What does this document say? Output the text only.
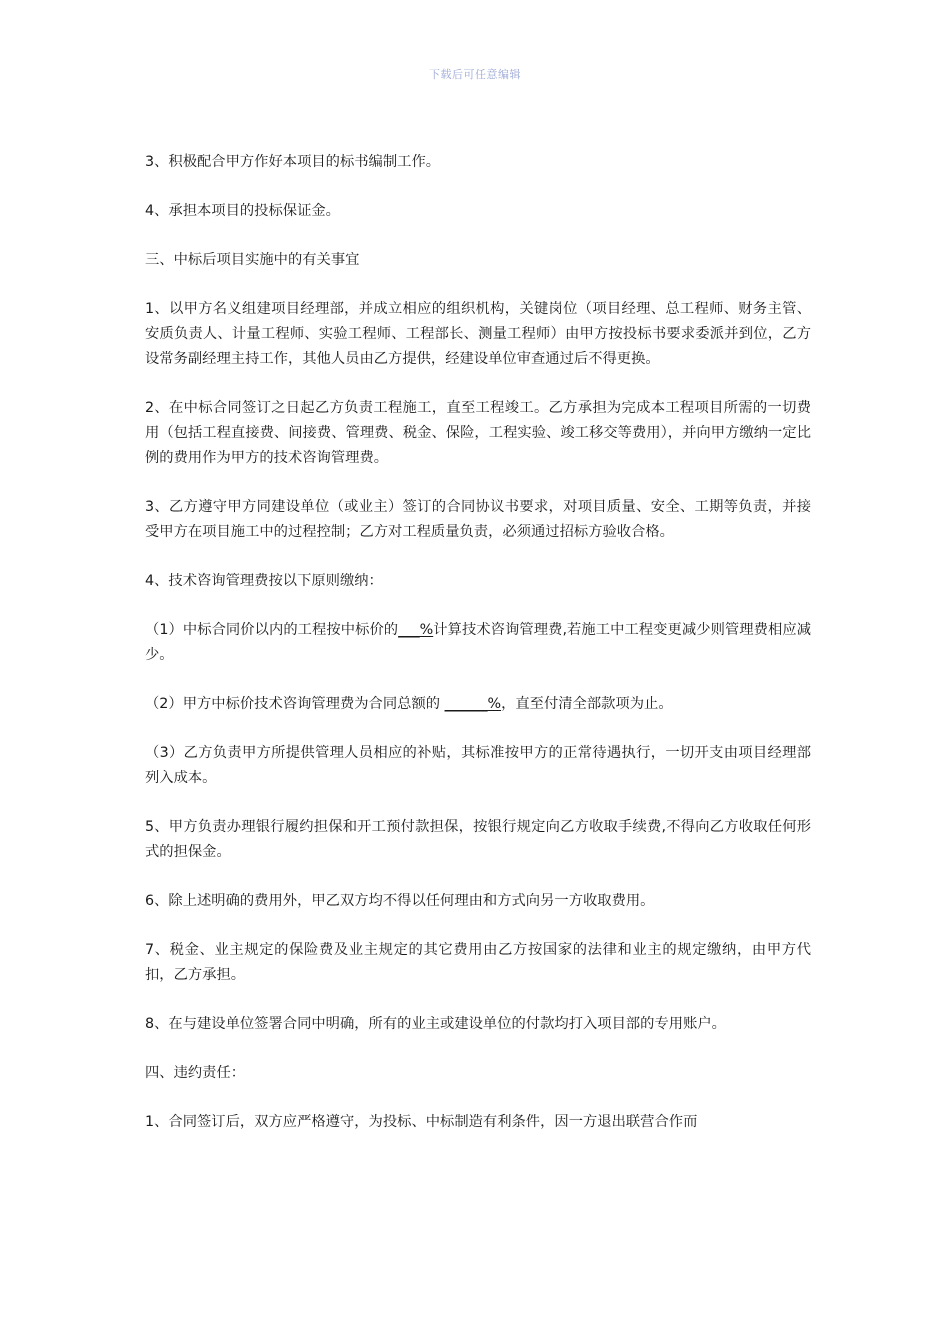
下载后可任意编辑

3、积极配合甲方作好本项目的标书编制工作。

4、承担本项目的投标保证金。

三、中标后项目实施中的有关事宜

1、以甲方名义组建项目经理部，并成立相应的组织机构，关键岗位（项目经理、总工程师、财务主管、安质负责人、计量工程师、实验工程师、工程部长、测量工程师）由甲方按投标书要求委派并到位，乙方设常务副经理主持工作，其他人员由乙方提供，经建设单位审查通过后不得更换。

2、在中标合同签订之日起乙方负责工程施工，直至工程竣工。乙方承担为完成本工程项目所需的一切费用（包括工程直接费、间接费、管理费、税金、保险，工程实验、竣工移交等费用），并向甲方缴纳一定比例的费用作为甲方的技术咨询管理费。

3、乙方遵守甲方同建设单位（或业主）签订的合同协议书要求，对项目质量、安全、工期等负责，并接受甲方在项目施工中的过程控制；乙方对工程质量负责，必须通过招标方验收合格。

4、技术咨询管理费按以下原则缴纳：

（1）中标合同价以内的工程按中标价的___%计算技术咨询管理费,若施工中工程变更减少则管理费相应减少。

（2）甲方中标价技术咨询管理费为合同总额的 ______%，直至付清全部款项为止。

（3）乙方负责甲方所提供管理人员相应的补贴，其标准按甲方的正常待遇执行，一切开支由项目经理部列入成本。

5、甲方负责办理银行履约担保和开工预付款担保，按银行规定向乙方收取手续费,不得向乙方收取任何形式的担保金。

6、除上述明确的费用外，甲乙双方均不得以任何理由和方式向另一方收取费用。

7、税金、业主规定的保险费及业主规定的其它费用由乙方按国家的法律和业主的规定缴纳，由甲方代扣，乙方承担。

8、在与建设单位签署合同中明确，所有的业主或建设单位的付款均打入项目部的专用账户。

四、违约责任：

1、合同签订后，双方应严格遵守，为投标、中标制造有利条件，因一方退出联营合作而
